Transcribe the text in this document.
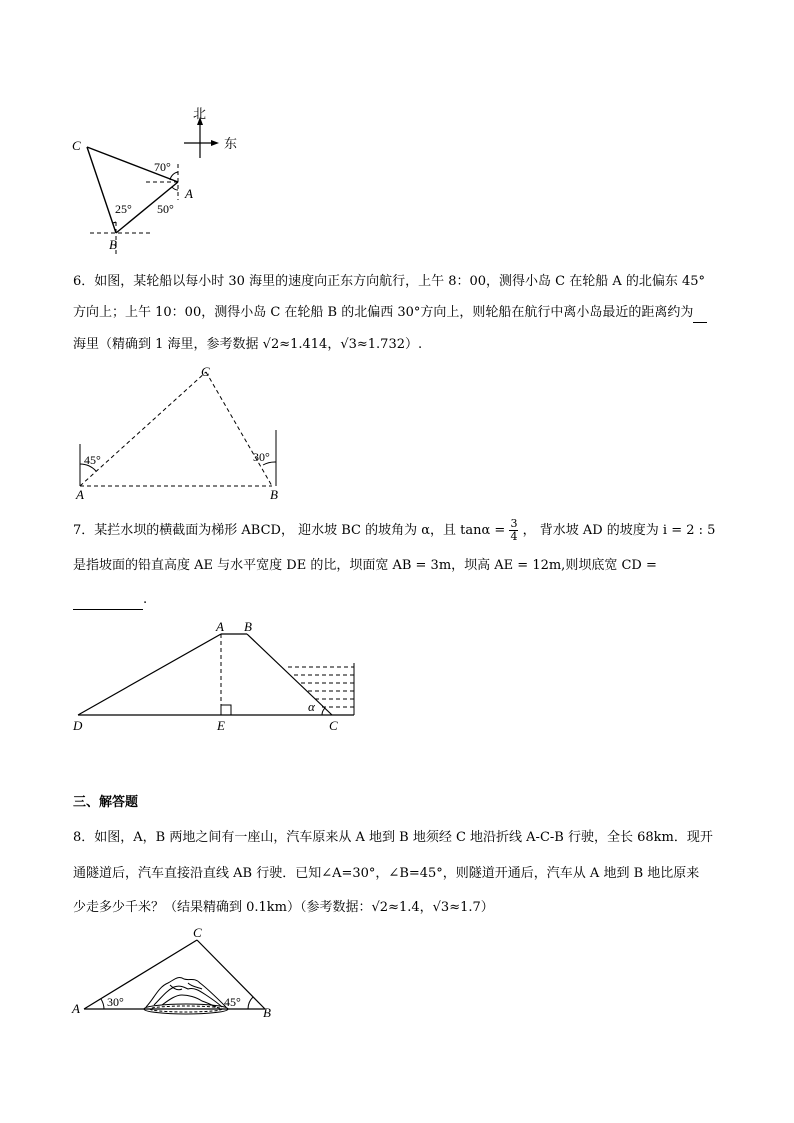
北
东
C
A
B
70°
25° 50°
6．如图，某轮船以每小时 30 海里的速度向正东方向航行，上午 8：00，测得小岛 C 在轮船 A 的北偏东 45°
方向上；上午 10：00，测得小岛 C 在轮船 B 的北偏西 30°方向上，则轮船在航行中离小岛最近的距离约为
海里（精确到 1 海里，参考数据 √2≈1.414，√3≈1.732）.
C
A	B
45°	30°
7．某拦水坝的横截面为梯形 ABCD， 迎水坡 BC 的坡角为 α，且 $\tan\alpha = \frac{3}{4}$ ， 背水坡 AD 的坡度为 i = 2 : 5
是指坡面的铅直高度 AE 与水平宽度 DE 的比，坝面宽 AB = 3m，坝高 AE = 12m,则坝底宽 CD =
.
A B
D	E	C
α
三、解答题
8．如图，A，B 两地之间有一座山，汽车原来从 A 地到 B 地须经 C 地沿折线 A-C-B 行驶，全长 68km．现开
通隧道后，汽车直接沿直线 AB 行驶．已知∠A=30°，∠B=45°，则隧道开通后，汽车从 A 地到 B 地比原来
少走多少千米？（结果精确到 0.1km）（参考数据：√2≈1.4，√3≈1.7）
C
A	B
30°	45°
